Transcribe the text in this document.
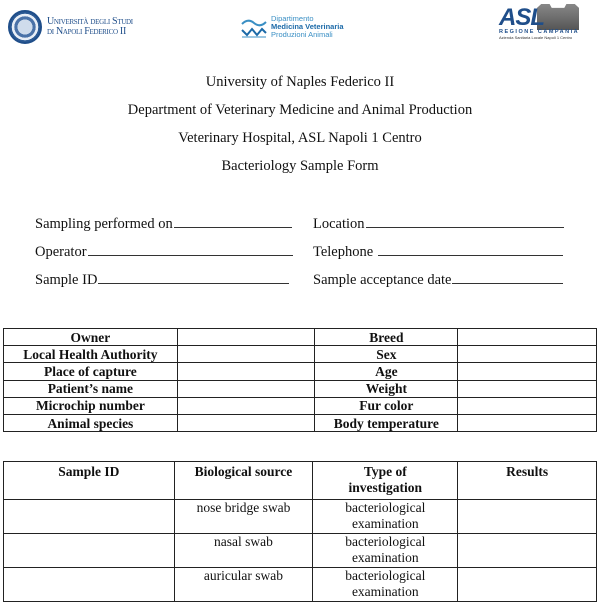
Università degli Studi
di Napoli Federico II
Dipartimento
Medicina Veterinaria
Produzioni Animali
ASL
REGIONE CAMPANIA
Azienda Sanitaria Locale Napoli 1 Centro
University of Naples Federico II
Department of Veterinary Medicine and Animal Production
Veterinary Hospital, ASL Napoli 1 Centro
Bacteriology Sample Form
Sampling performed on	Location
Operator	Telephone
Sample ID	Sample acceptance date
Owner		Breed	
Local Health Authority		Sex	
Place of capture		Age	
Patient’s name		Weight	
Microchip number		Fur color	
Animal species		Body temperature	
Sample ID	Biological source	Type of investigation	Results
	nose bridge swab	bacteriological examination	
	nasal swab	bacteriological examination	
	auricular swab	bacteriological examination	
